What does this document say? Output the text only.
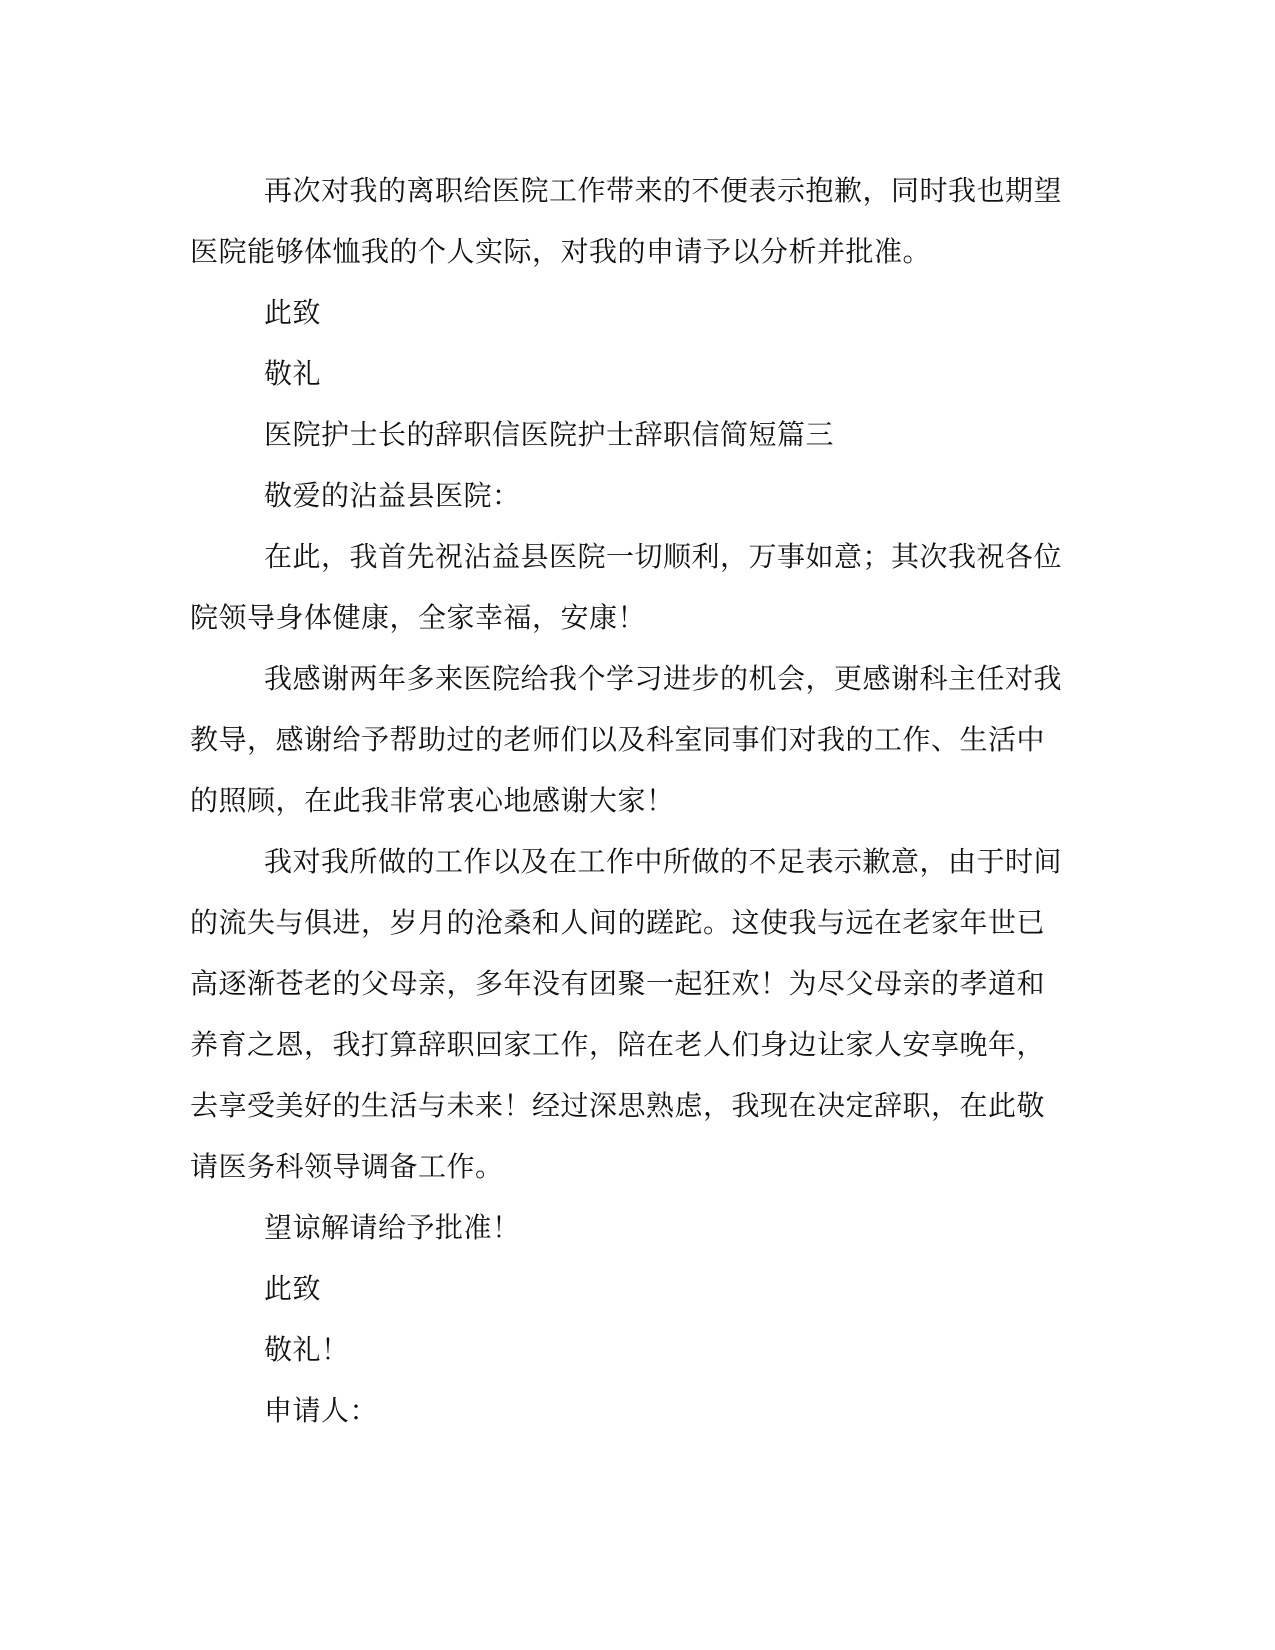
再次对我的离职给医院工作带来的不便表示抱歉，同时我也期望
医院能够体恤我的个人实际，对我的申请予以分析并批准。
此致
敬礼
医院护士长的辞职信医院护士辞职信简短篇三
敬爱的沾益县医院：
在此，我首先祝沾益县医院一切顺利，万事如意；其次我祝各位
院领导身体健康，全家幸福，安康！
我感谢两年多来医院给我个学习进步的机会，更感谢科主任对我
教导，感谢给予帮助过的老师们以及科室同事们对我的工作、生活中
的照顾，在此我非常衷心地感谢大家！
我对我所做的工作以及在工作中所做的不足表示歉意，由于时间
的流失与俱进，岁月的沧桑和人间的蹉跎。这使我与远在老家年世已
高逐渐苍老的父母亲，多年没有团聚一起狂欢！为尽父母亲的孝道和
养育之恩，我打算辞职回家工作，陪在老人们身边让家人安享晚年，
去享受美好的生活与未来！经过深思熟虑，我现在决定辞职，在此敬
请医务科领导调备工作。
望谅解请给予批准！
此致
敬礼！
申请人：
